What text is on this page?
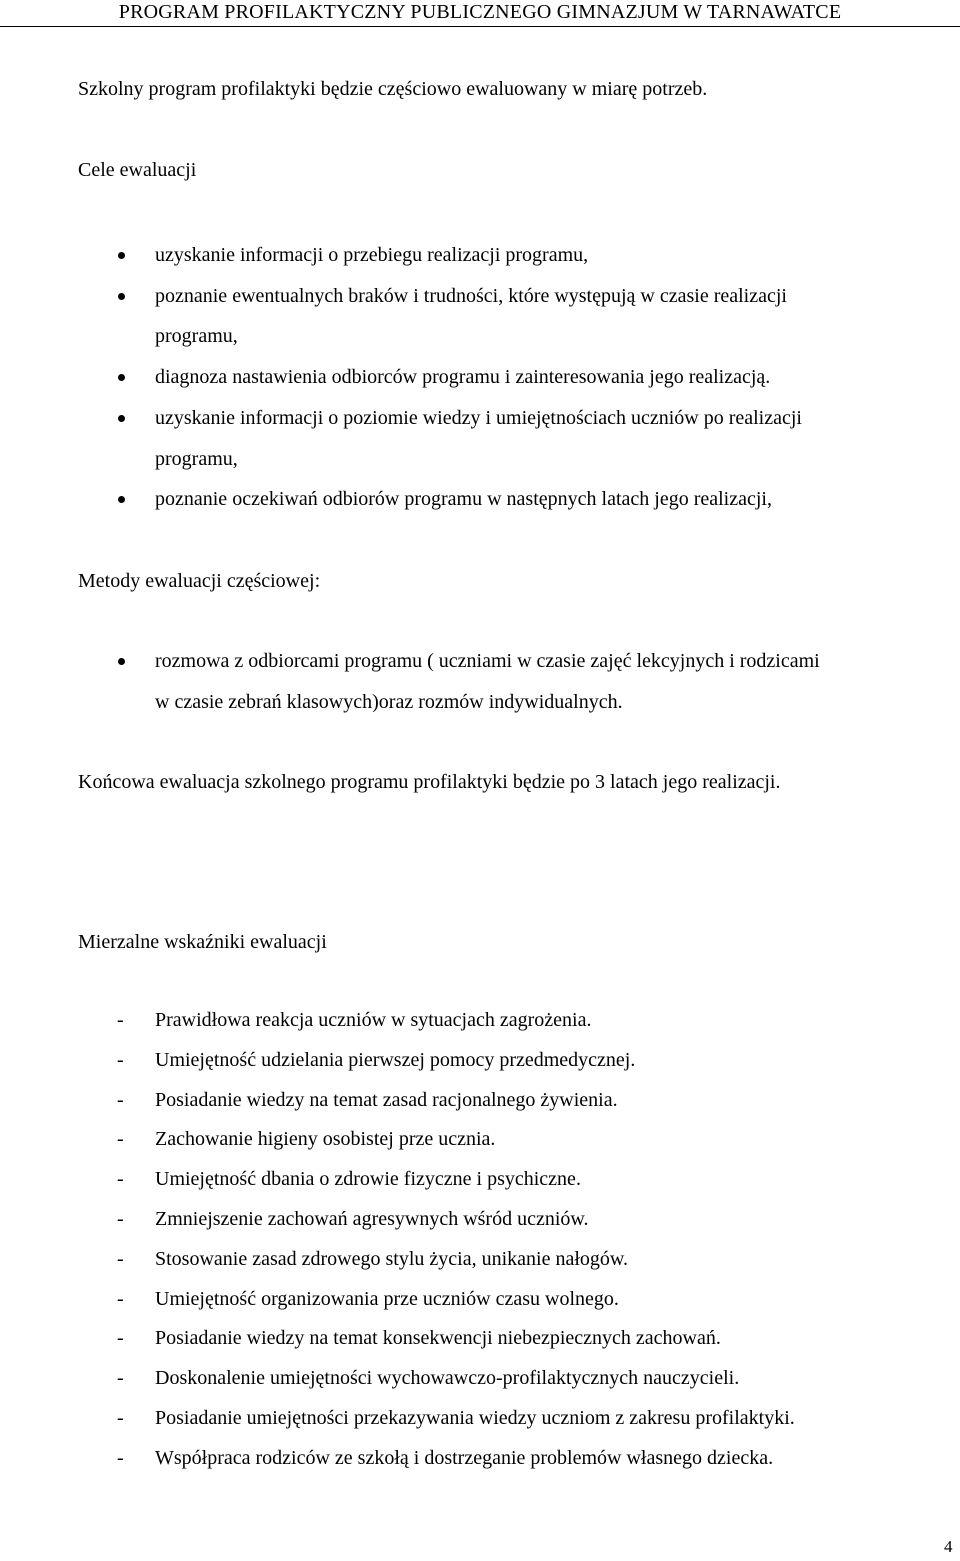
PROGRAM PROFILAKTYCZNY PUBLICZNEGO GIMNAZJUM W TARNAWATCE
Szkolny program profilaktyki będzie częściowo ewaluowany w miarę potrzeb.
Cele ewaluacji
uzyskanie informacji o przebiegu realizacji programu,
poznanie ewentualnych braków i trudności, które występują w czasie realizacji
programu,
diagnoza nastawienia odbiorców programu i zainteresowania jego realizacją.
uzyskanie informacji o poziomie wiedzy i umiejętnościach uczniów po realizacji
programu,
poznanie oczekiwań odbiorów programu w następnych latach jego realizacji,
Metody ewaluacji częściowej:
rozmowa z odbiorcami programu ( uczniami w czasie zajęć lekcyjnych i rodzicami
w czasie zebrań klasowych)oraz rozmów indywidualnych.
Końcowa ewaluacja szkolnego programu profilaktyki będzie po 3 latach jego realizacji.
Mierzalne wskaźniki ewaluacji
- Prawidłowa reakcja uczniów w sytuacjach zagrożenia.
- Umiejętność udzielania pierwszej pomocy przedmedycznej.
- Posiadanie wiedzy na temat zasad racjonalnego żywienia.
- Zachowanie higieny osobistej prze ucznia.
- Umiejętność dbania o zdrowie fizyczne i psychiczne.
- Zmniejszenie zachowań agresywnych wśród uczniów.
- Stosowanie zasad zdrowego stylu życia, unikanie nałogów.
- Umiejętność organizowania prze uczniów czasu wolnego.
- Posiadanie wiedzy na temat konsekwencji niebezpiecznych zachowań.
- Doskonalenie umiejętności wychowawczo-profilaktycznych nauczycieli.
- Posiadanie umiejętności przekazywania wiedzy uczniom z zakresu profilaktyki.
- Współpraca rodziców ze szkołą i dostrzeganie problemów własnego dziecka.
4
